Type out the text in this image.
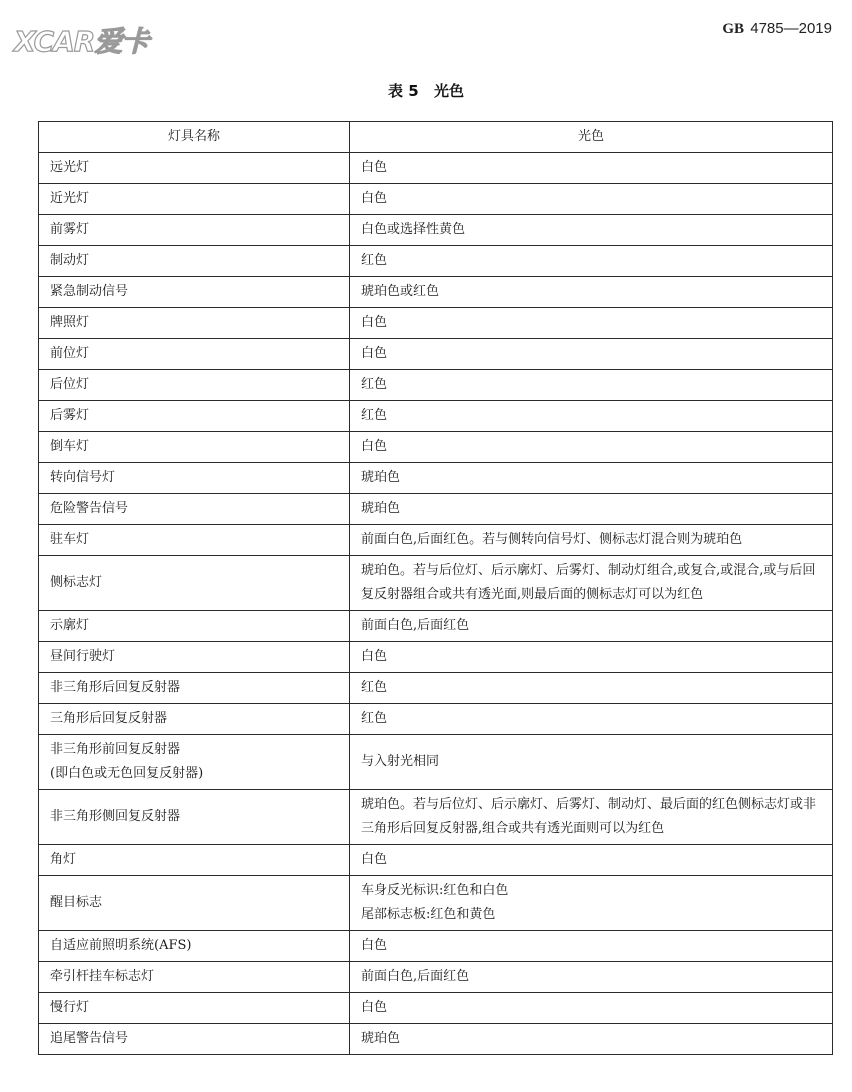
XCAR爱卡	GB 4785—2019
表 5 光色
灯具名称	光色
远光灯	白色
近光灯	白色
前雾灯	白色或选择性黄色
制动灯	红色
紧急制动信号	琥珀色或红色
牌照灯	白色
前位灯	白色
后位灯	红色
后雾灯	红色
倒车灯	白色
转向信号灯	琥珀色
危险警告信号	琥珀色
驻车灯	前面白色,后面红色。若与侧转向信号灯、侧标志灯混合则为琥珀色
侧标志灯	琥珀色。若与后位灯、后示廓灯、后雾灯、制动灯组合,或复合,或混合,或与后回复反射器组合或共有透光面,则最后面的侧标志灯可以为红色
示廓灯	前面白色,后面红色
昼间行驶灯	白色
非三角形后回复反射器	红色
三角形后回复反射器	红色
非三角形前回复反射器
(即白色或无色回复反射器)	与入射光相同
非三角形侧回复反射器	琥珀色。若与后位灯、后示廓灯、后雾灯、制动灯、最后面的红色侧标志灯或非三角形后回复反射器,组合或共有透光面则可以为红色
角灯	白色
醒目标志	车身反光标识:红色和白色
尾部标志板:红色和黄色
自适应前照明系统(AFS)	白色
牵引杆挂车标志灯	前面白色,后面红色
慢行灯	白色
追尾警告信号	琥珀色
